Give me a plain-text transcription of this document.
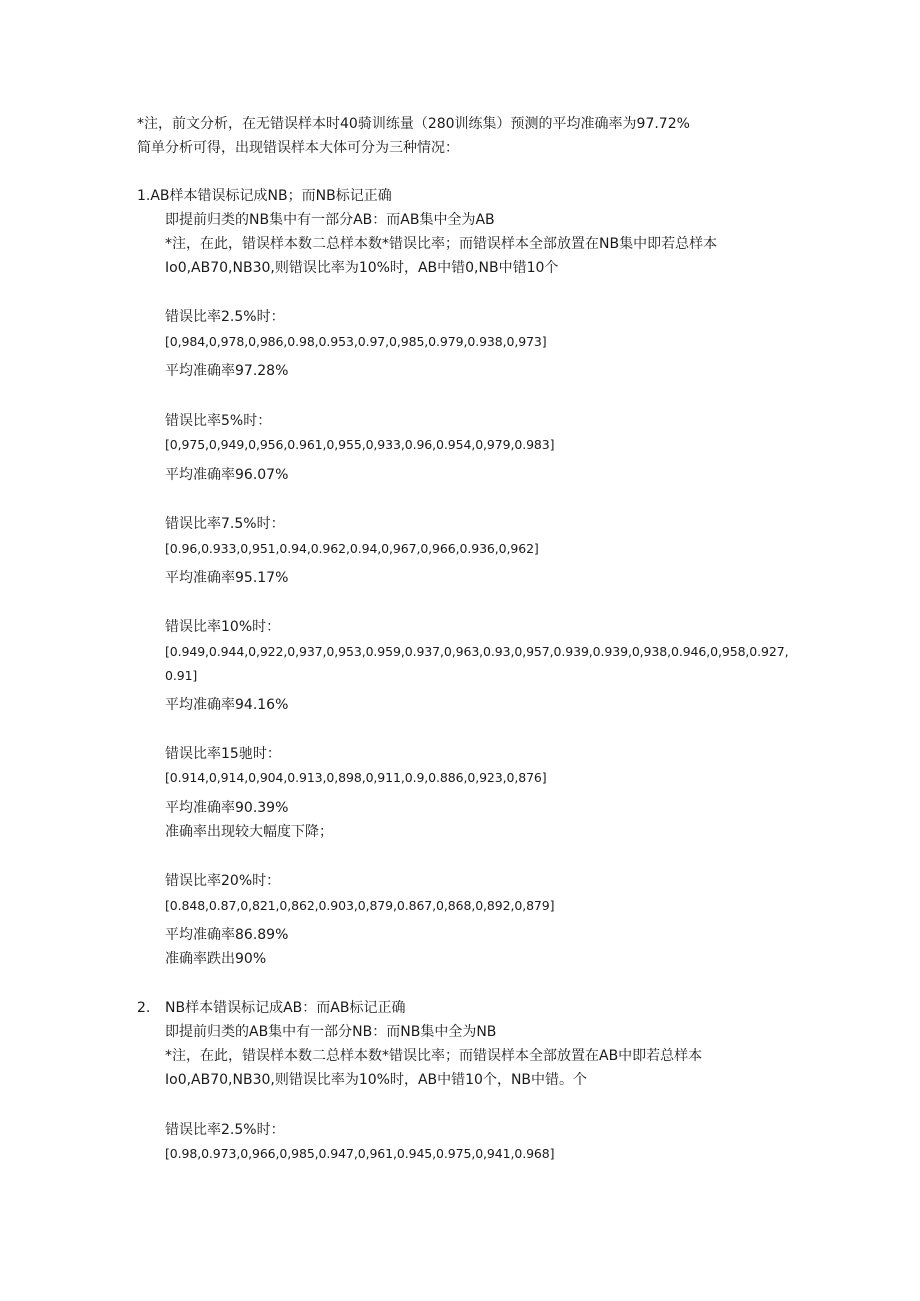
*注，前文分析，在无错误样本时40骑训练量（280训练集）预测的平均准确率为97.72%
简单分析可得，出现错误样本大体可分为三种情况：
1.AB样本错误标记成NB；而NB标记正确
即提前归类的NB集中有一部分AB：而AB集中全为AB
*注，在此，错误样本数二总样本数*错误比率；而错误样本全部放置在NB集中即若总样本
Io0,AB70,NB30,则错误比率为10%时，AB中错0,NB中错10个
错误比率2.5%时：
[0,984,0,978,0,986,0.98,0.953,0.97,0,985,0.979,0.938,0,973]
平均准确率97.28%
错误比率5%时：
[0,975,0,949,0,956,0.961,0,955,0,933,0.96,0.954,0,979,0.983]
平均准确率96.07%
错误比率7.5%时：
[0.96,0.933,0,951,0.94,0.962,0.94,0,967,0,966,0.936,0,962]
平均准确率95.17%
错误比率10%时：
[0.949,0.944,0,922,0,937,0,953,0.959,0.937,0,963,0.93,0,957,0.939,0.939,0,938,0.946,0,958,0.927,
0.91]
平均准确率94.16%
错误比率15驰时：
[0.914,0,914,0,904,0.913,0,898,0,911,0.9,0.886,0,923,0,876]
平均准确率90.39%
准确率出现较大幅度下降；
错误比率20%时：
[0.848,0.87,0,821,0,862,0.903,0,879,0.867,0,868,0,892,0,879]
平均准确率86.89%
准确率跌出90%
2. NB样本错误标记成AB：而AB标记正确
即提前归类的AB集中有一部分NB：而NB集中全为NB
*注，在此，错误样本数二总样本数*错误比率；而错误样本全部放置在AB中即若总样本
Io0,AB70,NB30,则错误比率为10%时，AB中错10个，NB中错。个
错误比率2.5%时：
[0.98,0.973,0,966,0,985,0.947,0,961,0.945,0.975,0,941,0.968]
